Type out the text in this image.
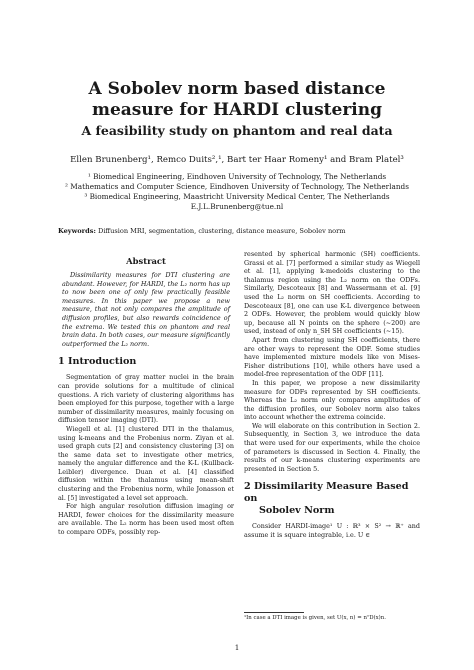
A Sobolev norm based distance
measure for HARDI clustering
A feasibility study on phantom and real data
Ellen Brunenberg¹, Remco Duits²,¹, Bart ter Haar Romeny¹ and Bram Platel³
¹ Biomedical Engineering, Eindhoven University of Technology, The Netherlands
² Mathematics and Computer Science, Eindhoven University of Technology, The Netherlands
³ Biomedical Engineering, Maastricht University Medical Center, The Netherlands
E.J.L.Brunenberg@tue.nl
Keywords: Diffusion MRI, segmentation, clustering, distance measure, Sobolev norm
Abstract

Dissimilarity measures for DTI clustering are abundant. However, for HARDI, the L₂ norm has up to now been one of only few practically feasible measures. In this paper we propose a new measure, that not only compares the amplitude of diffusion profiles, but also rewards coincidence of the extrema. We tested this on phantom and real brain data. In both cases, our measure significantly outperformed the L₂ norm.

1 Introduction

Segmentation of gray matter nuclei in the brain can provide solutions for a multitude of clinical questions. A rich variety of clustering algorithms has been employed for this purpose, together with a large number of dissimilarity measures, mainly focusing on diffusion tensor imaging (DTI).

Wiegell et al. [1] clustered DTI in the thalamus, using k-means and the Frobenius norm. Ziyan et al. used graph cuts [2] and consistency clustering [3] on the same data set to investigate other metrics, namely the angular difference and the K-L (Kullback-Leibler) divergence. Duan et al. [4] classified diffusion within the thalamus using mean-shift clustering and the Frobenius norm, while Jonasson et al. [5] investigated a level set approach.

For high angular resolution diffusion imaging or HARDI, fewer choices for the dissimilarity measure are available. The L₂ norm has been used most often to compare ODFs, possibly rep-

resented by spherical harmonic (SH) coefficients. Grassi et al. [7] performed a similar study as Wiegell et al. [1], applying k-medoids clustering to the thalamus region using the L₂ norm on the ODFs. Similarly, Descoteaux [8] and Wassermann et al. [9] used the L₂ norm on SH coefficients. According to Descoteaux [8], one can use K-L divergence between 2 ODFs. However, the problem would quickly blow up, because all N points on the sphere (~200) are used, instead of only n_SH SH coefficients (~15).

Apart from clustering using SH coefficients, there are other ways to represent the ODF. Some studies have implemented mixture models like von Mises-Fisher distributions [10], while others have used a model-free representation of the ODF [11].

In this paper, we propose a new dissimilarity measure for ODFs represented by SH coefficients. Whereas the L₂ norm only compares amplitudes of the diffusion profiles, our Sobolev norm also takes into account whether the extrema coincide.

We will elaborate on this contribution in Section 2. Subsequently, in Section 3, we introduce the data that were used for our experiments, while the choice of parameters is discussed in Section 4. Finally, the results of our k-means clustering experiments are presented in Section 5.

2 Dissimilarity Measure Based on
Sobolev Norm

Consider HARDI-image¹ U : ℝ³ × S² → ℝ⁺ and assume it is square integrable, i.e. U ∈

¹In case a DTI image is given, set U(x, n) = nᵀD(x)n.
1
